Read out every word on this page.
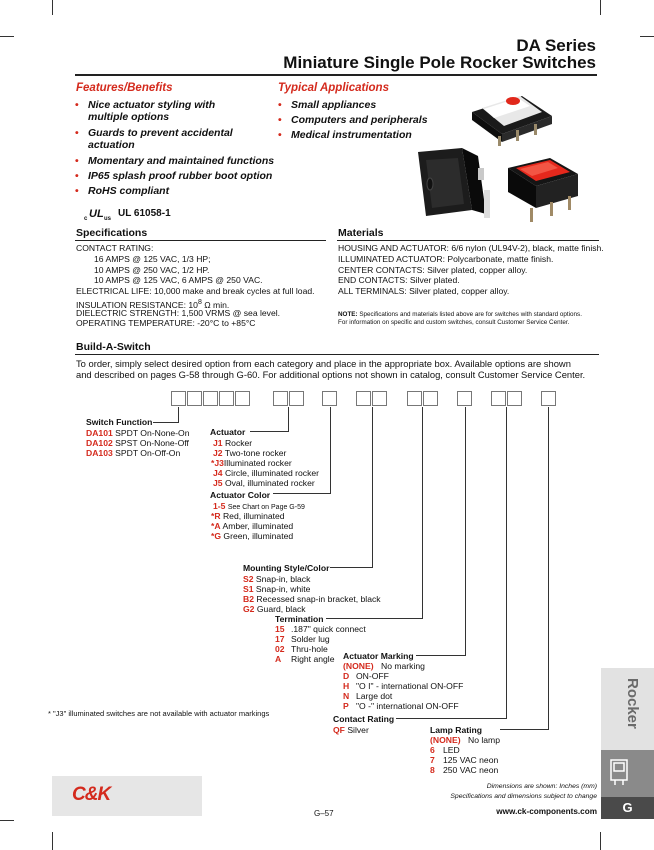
DA Series
Miniature Single Pole Rocker Switches
Features/Benefits
• Nice actuator styling with multiple options
• Guards to prevent accidental actuation
• Momentary and maintained functions
• IP65 splash proof rubber boot option
• RoHS compliant
c UL us UL 61058-1
Typical Applications
• Small appliances
• Computers and peripherals
• Medical instrumentation
Specifications
CONTACT RATING:
16 AMPS @ 125 VAC, 1/3 HP;
10 AMPS @ 250 VAC, 1/2 HP.
10 AMPS @ 125 VAC, 6 AMPS @ 250 VAC.
ELECTRICAL LIFE: 10,000 make and break cycles at full load.
INSULATION RESISTANCE: $10^8$ Ω min.
DIELECTRIC STRENGTH: 1,500 VRMS @ sea level.
OPERATING TEMPERATURE: -20°C to +85°C
Materials
HOUSING AND ACTUATOR: 6/6 nylon (UL94V-2), black, matte finish.
ILLUMINATED ACTUATOR: Polycarbonate, matte finish.
CENTER CONTACTS: Silver plated, copper alloy.
END CONTACTS: Silver plated.
ALL TERMINALS: Silver plated, copper alloy.
NOTE: Specifications and materials listed above are for switches with standard options.
For information on specific and custom switches, consult Customer Service Center.
Build-A-Switch
To order, simply select desired option from each category and place in the appropriate box. Available options are shown
and described on pages G-58 through G-60. For additional options not shown in catalog, consult Customer Service Center.
Switch Function
DA101 SPDT On-None-On
DA102 SPST On-None-Off
DA103 SPDT On-Off-On
Actuator
J1 Rocker
J2 Two-tone rocker
*J3Illuminated rocker
J4 Circle, illuminated rocker
J5 Oval, illuminated rocker
Actuator Color
1-5 See Chart on Page G-59
*R Red, illuminated
*A Amber, illuminated
*G Green, illuminated
Mounting Style/Color
S2 Snap-in, black
S1 Snap-in, white
B2 Recessed snap-in bracket, black
G2 Guard, black
Termination
15 .187" quick connect
17 Solder lug
02 Thru-hole
A Right angle Actuator Marking
(NONE) No marking
D ON-OFF
H "O I" - international ON-OFF
N Large dot
P "O -" international ON-OFF
Contact Rating
QF Silver	Lamp Rating
(NONE) No lamp
6 LED
7 125 VAC neon
8 250 VAC neon
* "J3" illuminated switches are not available with actuator markings	Rocker
G
C&K
G–57
Dimensions are shown: Inches (mm)
Specifications and dimensions subject to change
www.ck-components.com
